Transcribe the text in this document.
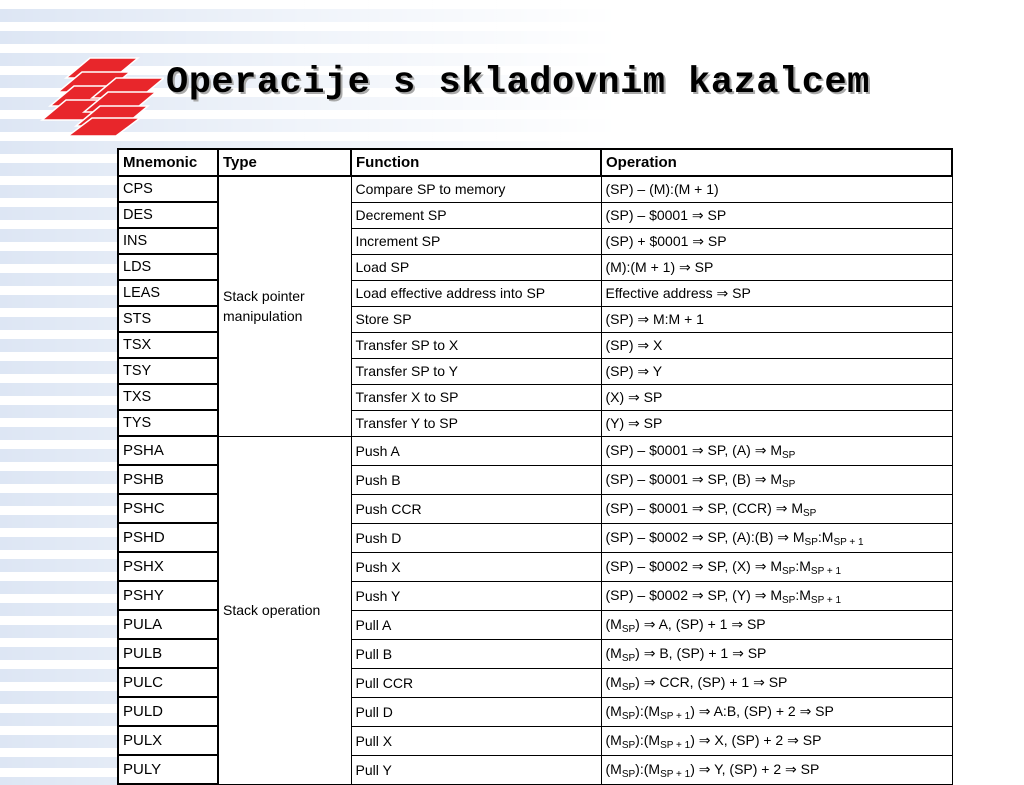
Operacije s skladovnim kazalcem
Mnemonic	Type	Function	Operation
CPS	Stack pointer manipulation	Compare SP to memory	(SP) – (M):(M + 1)
DES		Decrement SP	(SP) – $0001 ⇒ SP
INS		Increment SP	(SP) + $0001 ⇒ SP
LDS		Load SP	(M):(M + 1) ⇒ SP
LEAS		Load effective address into SP	Effective address ⇒ SP
STS		Store SP	(SP) ⇒ M:M + 1
TSX		Transfer SP to X	(SP) ⇒ X
TSY		Transfer SP to Y	(SP) ⇒ Y
TXS		Transfer X to SP	(X) ⇒ SP
TYS		Transfer Y to SP	(Y) ⇒ SP
PSHA	Stack operation	Push A	(SP) – $0001 ⇒ SP, (A) ⇒ $M_{SP}$
PSHB		Push B	(SP) – $0001 ⇒ SP, (B) ⇒ $M_{SP}$
PSHC		Push CCR	(SP) – $0001 ⇒ SP, (CCR) ⇒ $M_{SP}$
PSHD		Push D	(SP) – $0002 ⇒ SP, (A):(B) ⇒ $M_{SP}:M_{SP + 1}$
PSHX		Push X	(SP) – $0002 ⇒ SP, (X) ⇒ $M_{SP}:M_{SP + 1}$
PSHY		Push Y	(SP) – $0002 ⇒ SP, (Y) ⇒ $M_{SP}:M_{SP + 1}$
PULA		Pull A	$(M_{SP})$ ⇒ A, (SP) + 1 ⇒ SP
PULB		Pull B	$(M_{SP})$ ⇒ B, (SP) + 1 ⇒ SP
PULC		Pull CCR	$(M_{SP})$ ⇒ CCR, (SP) + 1 ⇒ SP
PULD		Pull D	$(M_{SP}):(M_{SP + 1})$ ⇒ A:B, (SP) + 2 ⇒ SP
PULX		Pull X	$(M_{SP}):(M_{SP + 1})$ ⇒ X, (SP) + 2 ⇒ SP
PULY		Pull Y	$(M_{SP}):(M_{SP + 1})$ ⇒ Y, (SP) + 2 ⇒ SP
